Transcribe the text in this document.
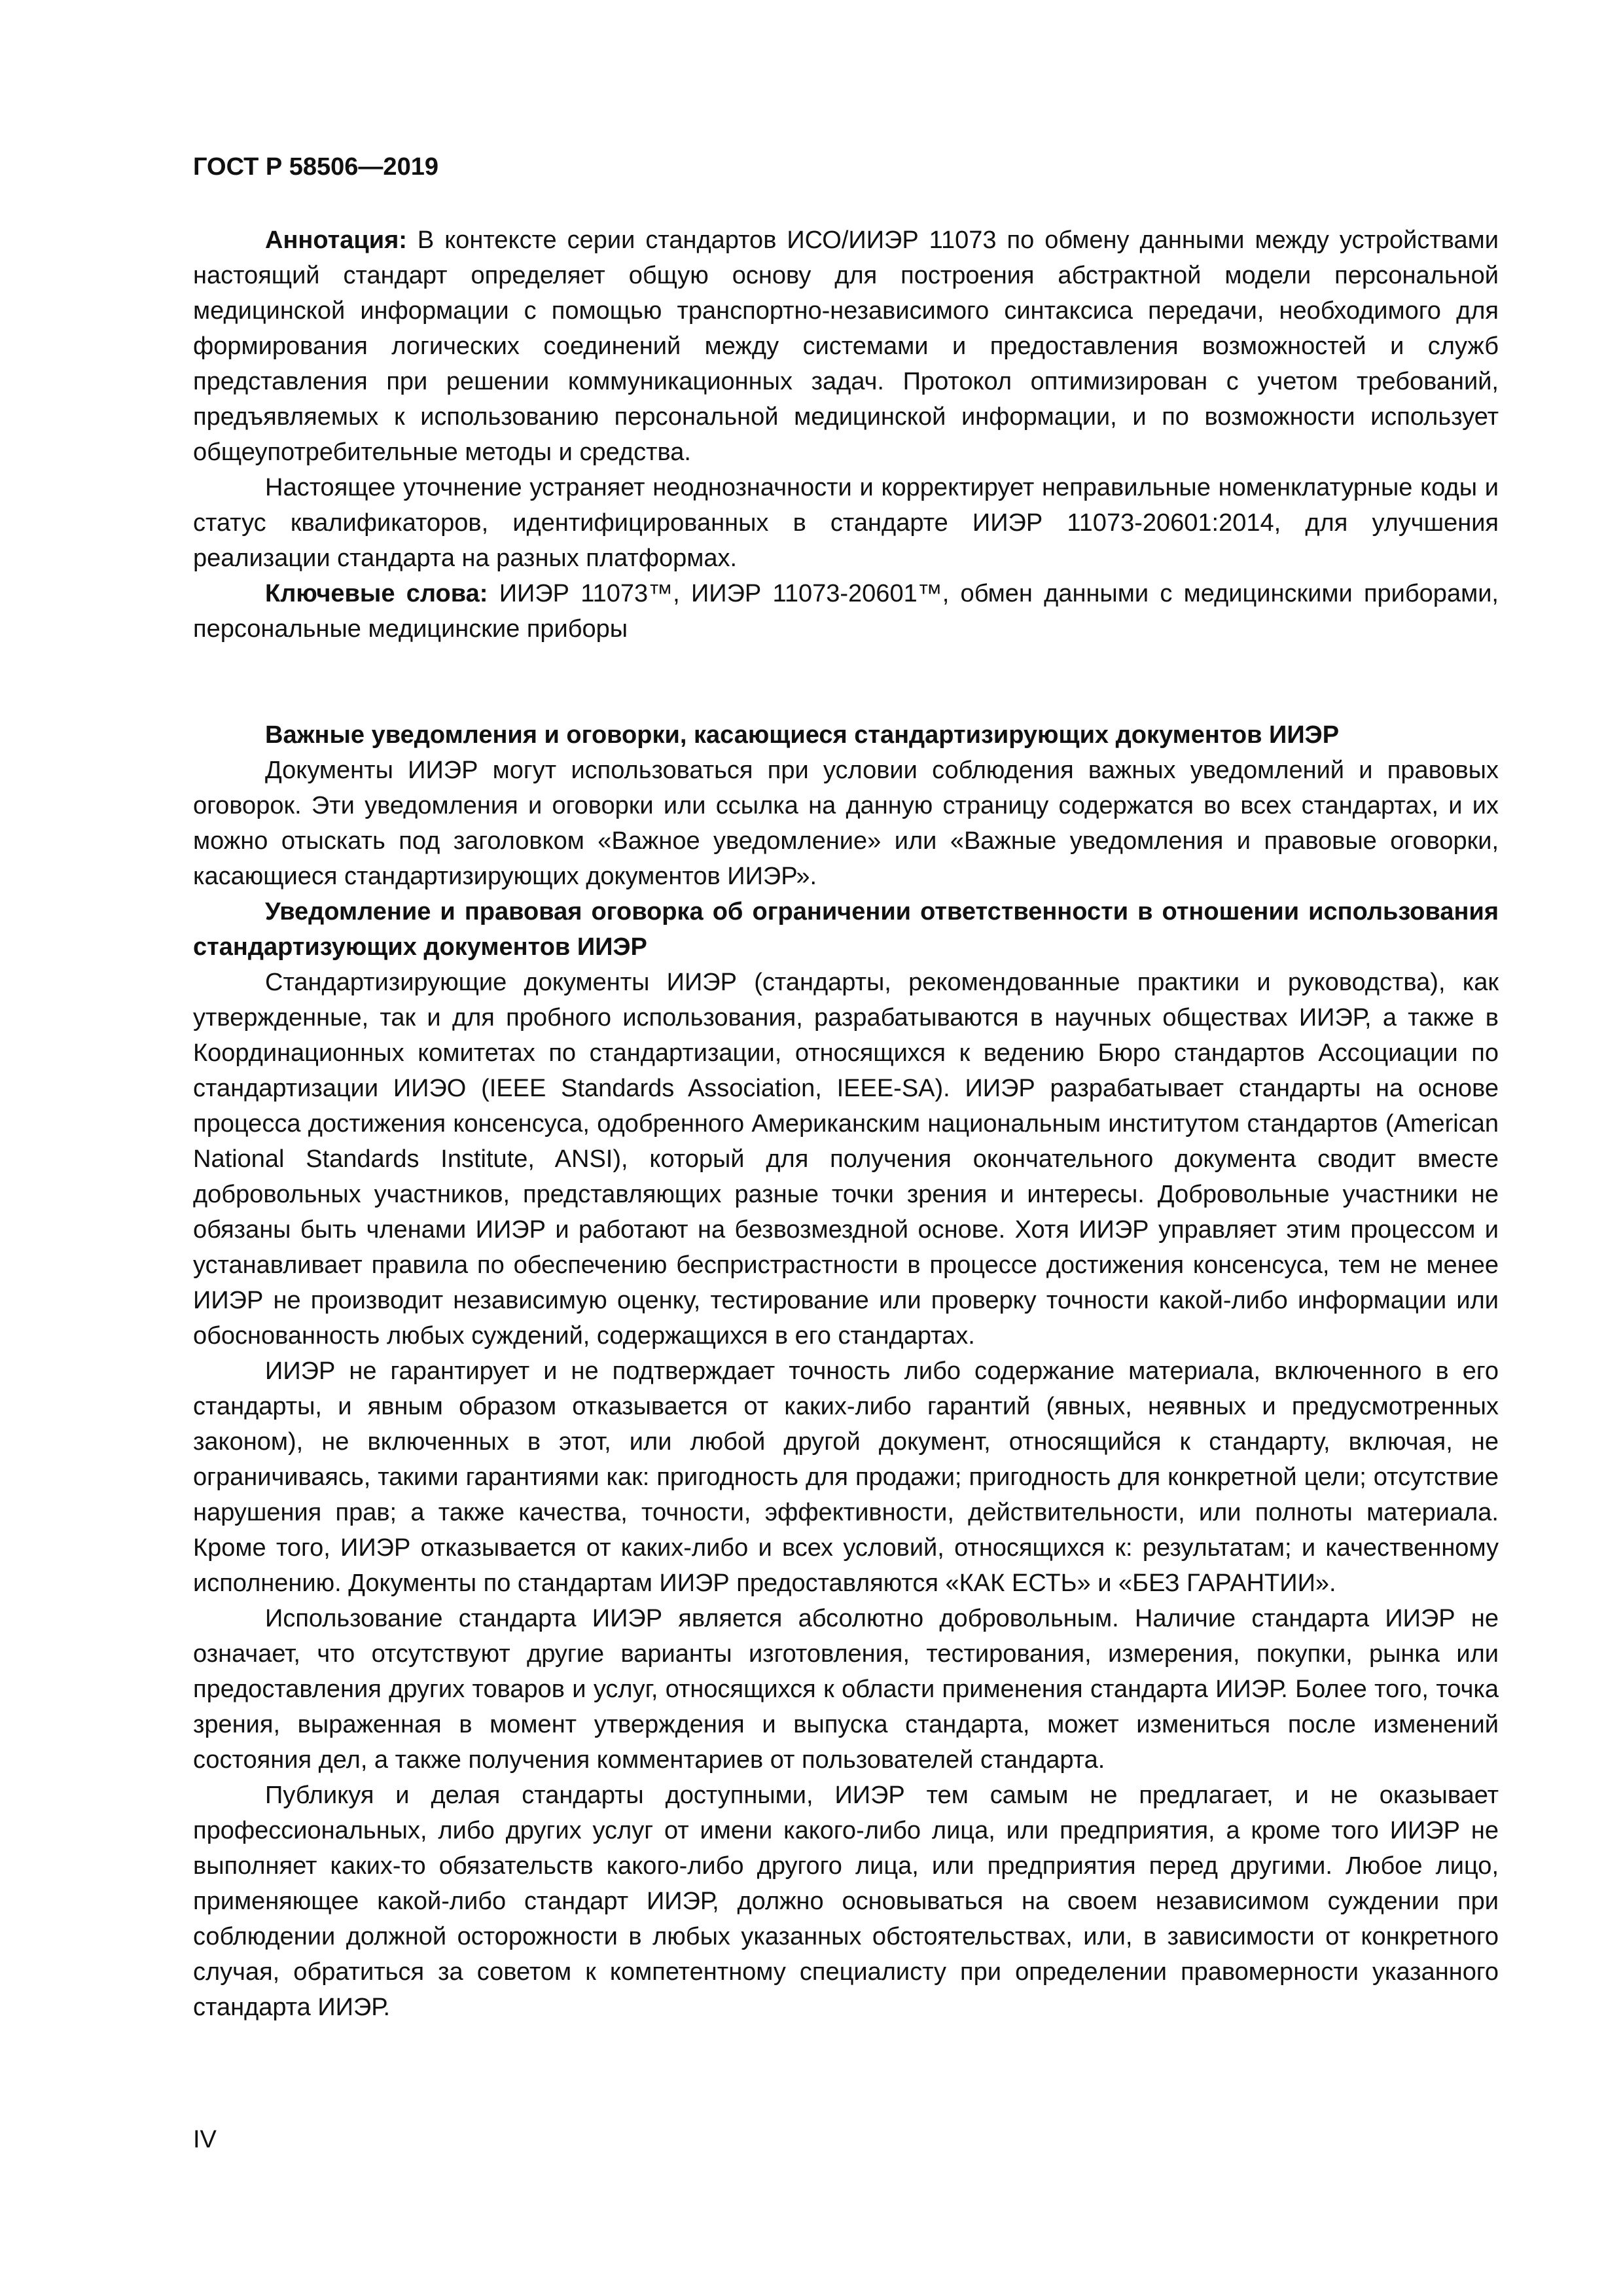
ГОСТ Р 58506—2019

Аннотация: В контексте серии стандартов ИСО/ИИЭР 11073 по обмену данными между устройствами настоящий стандарт определяет общую основу для построения абстрактной модели персональной медицинской информации с помощью транспортно-независимого синтаксиса передачи, необходимого для формирования логических соединений между системами и предоставления возможностей и служб представления при решении коммуникационных задач. Протокол оптимизирован с учетом требований, предъявляемых к использованию персональной медицинской информации, и по возможности использует общеупотребительные методы и средства.

Настоящее уточнение устраняет неоднозначности и корректирует неправильные номенклатурные коды и статус квалификаторов, идентифицированных в стандарте ИИЭР 11073-20601:2014, для улучшения реализации стандарта на разных платформах.

Ключевые слова: ИИЭР 11073™, ИИЭР 11073-20601™, обмен данными с медицинскими приборами, персональные медицинские приборы

Важные уведомления и оговорки, касающиеся стандартизирующих документов ИИЭР

Документы ИИЭР могут использоваться при условии соблюдения важных уведомлений и правовых оговорок. Эти уведомления и оговорки или ссылка на данную страницу содержатся во всех стандартах, и их можно отыскать под заголовком «Важное уведомление» или «Важные уведомления и правовые оговорки, касающиеся стандартизирующих документов ИИЭР».

Уведомление и правовая оговорка об ограничении ответственности в отношении использования стандартизующих документов ИИЭР

Стандартизирующие документы ИИЭР (стандарты, рекомендованные практики и руководства), как утвержденные, так и для пробного использования, разрабатываются в научных обществах ИИЭР, а также в Координационных комитетах по стандартизации, относящихся к ведению Бюро стандартов Ассоциации по стандартизации ИИЭО (IEEE Standards Association, IEEE-SA). ИИЭР разрабатывает стандарты на основе процесса достижения консенсуса, одобренного Американским национальным институтом стандартов (American National Standards Institute, ANSI), который для получения окончательного документа сводит вместе добровольных участников, представляющих разные точки зрения и интересы. Добровольные участники не обязаны быть членами ИИЭР и работают на безвозмездной основе. Хотя ИИЭР управляет этим процессом и устанавливает правила по обеспечению беспристрастности в процессе достижения консенсуса, тем не менее ИИЭР не производит независимую оценку, тестирование или проверку точности какой-либо информации или обоснованность любых суждений, содержащихся в его стандартах.

ИИЭР не гарантирует и не подтверждает точность либо содержание материала, включенного в его стандарты, и явным образом отказывается от каких-либо гарантий (явных, неявных и предусмотренных законом), не включенных в этот, или любой другой документ, относящийся к стандарту, включая, не ограничиваясь, такими гарантиями как: пригодность для продажи; пригодность для конкретной цели; отсутствие нарушения прав; а также качества, точности, эффективности, действительности, или полноты материала. Кроме того, ИИЭР отказывается от каких-либо и всех условий, относящихся к: результатам; и качественному исполнению. Документы по стандартам ИИЭР предоставляются «КАК ЕСТЬ» и «БЕЗ ГАРАНТИИ».

Использование стандарта ИИЭР является абсолютно добровольным. Наличие стандарта ИИЭР не означает, что отсутствуют другие варианты изготовления, тестирования, измерения, покупки, рынка или предоставления других товаров и услуг, относящихся к области применения стандарта ИИЭР. Более того, точка зрения, выраженная в момент утверждения и выпуска стандарта, может измениться после изменений состояния дел, а также получения комментариев от пользователей стандарта.

Публикуя и делая стандарты доступными, ИИЭР тем самым не предлагает, и не оказывает профессиональных, либо других услуг от имени какого-либо лица, или предприятия, а кроме того ИИЭР не выполняет каких-то обязательств какого-либо другого лица, или предприятия перед другими. Любое лицо, применяющее какой-либо стандарт ИИЭР, должно основываться на своем независимом суждении при соблюдении должной осторожности в любых указанных обстоятельствах, или, в зависимости от конкретного случая, обратиться за советом к компетентному специалисту при определении правомерности указанного стандарта ИИЭР.

IV
